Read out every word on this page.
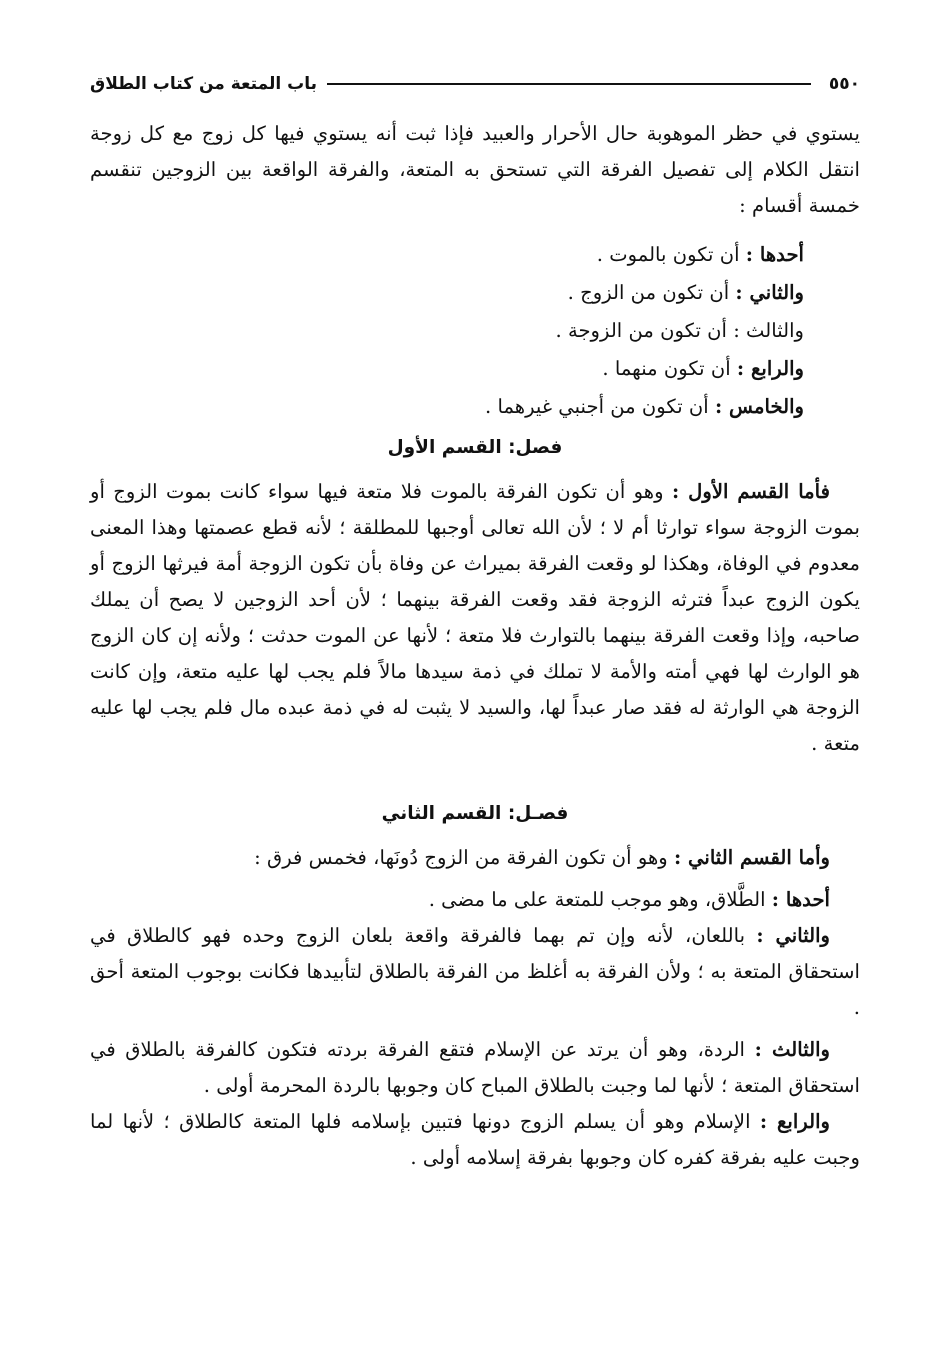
٥٥٠
باب المتعة من كتاب الطلاق

يستوي في حظر الموهوبة حال الأحرار والعبيد فإذا ثبت أنه يستوي فيها كل زوج مع كل زوجة انتقل الكلام إلى تفصيل الفرقة التي تستحق به المتعة، والفرقة الواقعة بين الزوجين تنقسم خمسة أقسام :

أحدها : أن تكون بالموت .
والثاني : أن تكون من الزوج .
والثالث : أن تكون من الزوجة .
والرابع : أن تكون منهما .
والخامس : أن تكون من أجنبي غيرهما .
فصل: القسم الأول

فأما القسم الأول : وهو أن تكون الفرقة بالموت فلا متعة فيها سواء كانت بموت الزوج أو بموت الزوجة سواء توارثا أم لا ؛ لأن الله تعالى أوجبها للمطلقة ؛ لأنه قطع عصمتها وهذا المعنى معدوم في الوفاة، وهكذا لو وقعت الفرقة بميراث عن وفاة بأن تكون الزوجة أمة فيرثها الزوج أو يكون الزوج عبداً فترثه الزوجة فقد وقعت الفرقة بينهما ؛ لأن أحد الزوجين لا يصح أن يملك صاحبه، وإذا وقعت الفرقة بينهما بالتوارث فلا متعة ؛ لأنها عن الموت حدثت ؛ ولأنه إن كان الزوج هو الوارث لها فهي أمته والأمة لا تملك في ذمة سيدها مالاً فلم يجب لها عليه متعة، وإن كانت الزوجة هي الوارثة له فقد صار عبداً لها، والسيد لا يثبت له في ذمة عبده مال فلم يجب لها عليه متعة .

فصـل: القسم الثاني

وأما القسم الثاني : وهو أن تكون الفرقة من الزوج دُونَها، فخمس فرق :

أحدها : الطَّلاق، وهو موجب للمتعة على ما مضى .

والثاني : باللعان، لأنه وإن تم بهما فالفرقة واقعة بلعان الزوج وحده فهو كالطلاق في استحقاق المتعة به ؛ ولأن الفرقة به أغلظ من الفرقة بالطلاق لتأبيدها فكانت بوجوب المتعة أحق .

والثالث : الردة، وهو أن يرتد عن الإسلام فتقع الفرقة بردته فتكون كالفرقة بالطلاق في استحقاق المتعة ؛ لأنها لما وجبت بالطلاق المباح كان وجوبها بالردة المحرمة أولى .

والرابع : الإسلام وهو أن يسلم الزوج دونها فتبين بإسلامه فلها المتعة كالطلاق ؛ لأنها لما وجبت عليه بفرقة كفره كان وجوبها بفرقة إسلامه أولى .
